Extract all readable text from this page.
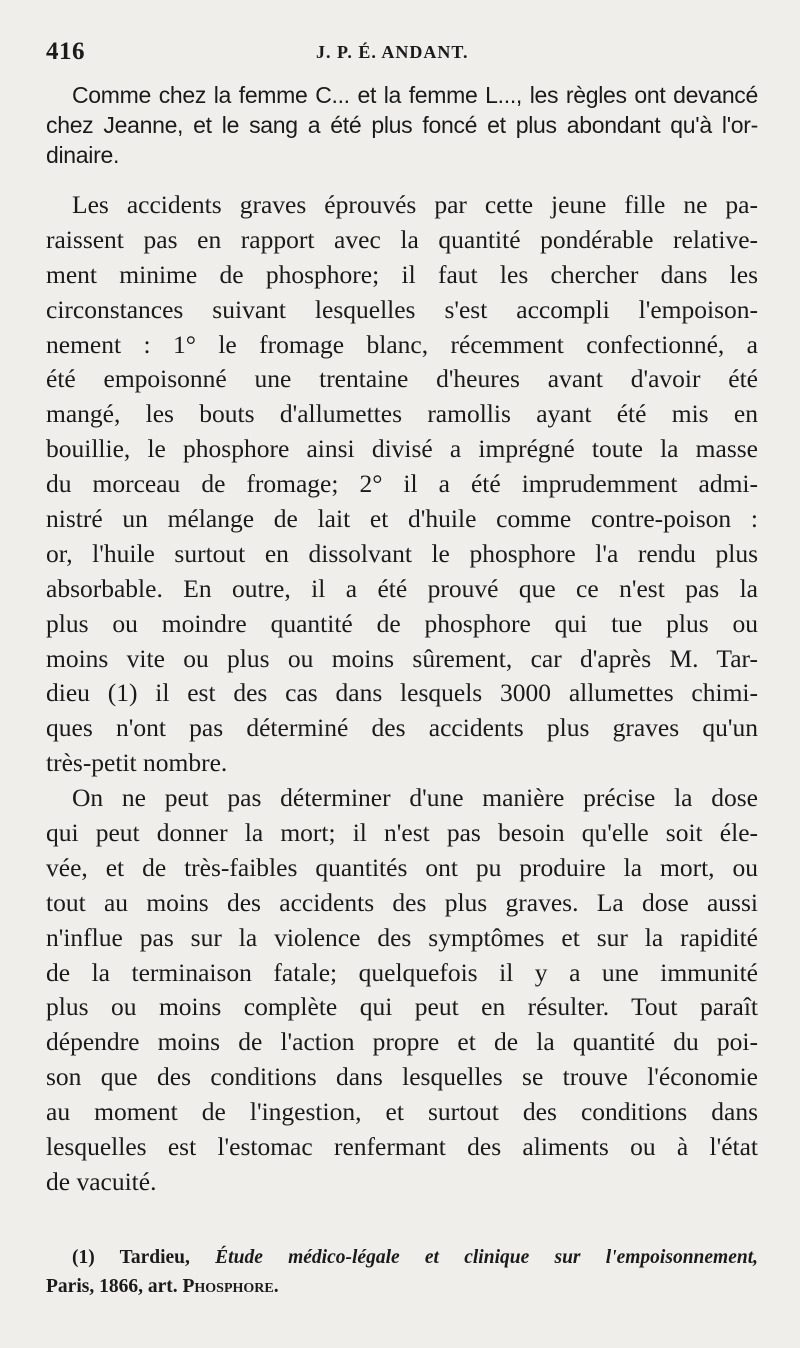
416	J. P. É. ANDANT.
Comme chez la femme C... et la femme L..., les règles ont devancé
chez Jeanne, et le sang a été plus foncé et plus abondant qu'à l'or-
dinaire.
Les accidents graves éprouvés par cette jeune fille ne pa-
raissent pas en rapport avec la quantité pondérable relative-
ment minime de phosphore; il faut les chercher dans les
circonstances suivant lesquelles s'est accompli l'empoison-
nement : 1° le fromage blanc, récemment confectionné, a
été empoisonné une trentaine d'heures avant d'avoir été
mangé, les bouts d'allumettes ramollis ayant été mis en
bouillie, le phosphore ainsi divisé a imprégné toute la masse
du morceau de fromage; 2° il a été imprudemment admi-
nistré un mélange de lait et d'huile comme contre-poison :
or, l'huile surtout en dissolvant le phosphore l'a rendu plus
absorbable. En outre, il a été prouvé que ce n'est pas la
plus ou moindre quantité de phosphore qui tue plus ou
moins vite ou plus ou moins sûrement, car d'après M. Tar-
dieu (1) il est des cas dans lesquels 3000 allumettes chimi-
ques n'ont pas déterminé des accidents plus graves qu'un
très-petit nombre.
On ne peut pas déterminer d'une manière précise la dose
qui peut donner la mort; il n'est pas besoin qu'elle soit éle-
vée, et de très-faibles quantités ont pu produire la mort, ou
tout au moins des accidents des plus graves. La dose aussi
n'influe pas sur la violence des symptômes et sur la rapidité
de la terminaison fatale; quelquefois il y a une immunité
plus ou moins complète qui peut en résulter. Tout paraît
dépendre moins de l'action propre et de la quantité du poi-
son que des conditions dans lesquelles se trouve l'économie
au moment de l'ingestion, et surtout des conditions dans
lesquelles est l'estomac renfermant des aliments ou à l'état
de vacuité.
(1) Tardieu, Étude médico-légale et clinique sur l'empoisonnement,
Paris, 1866, art. Phosphore.
